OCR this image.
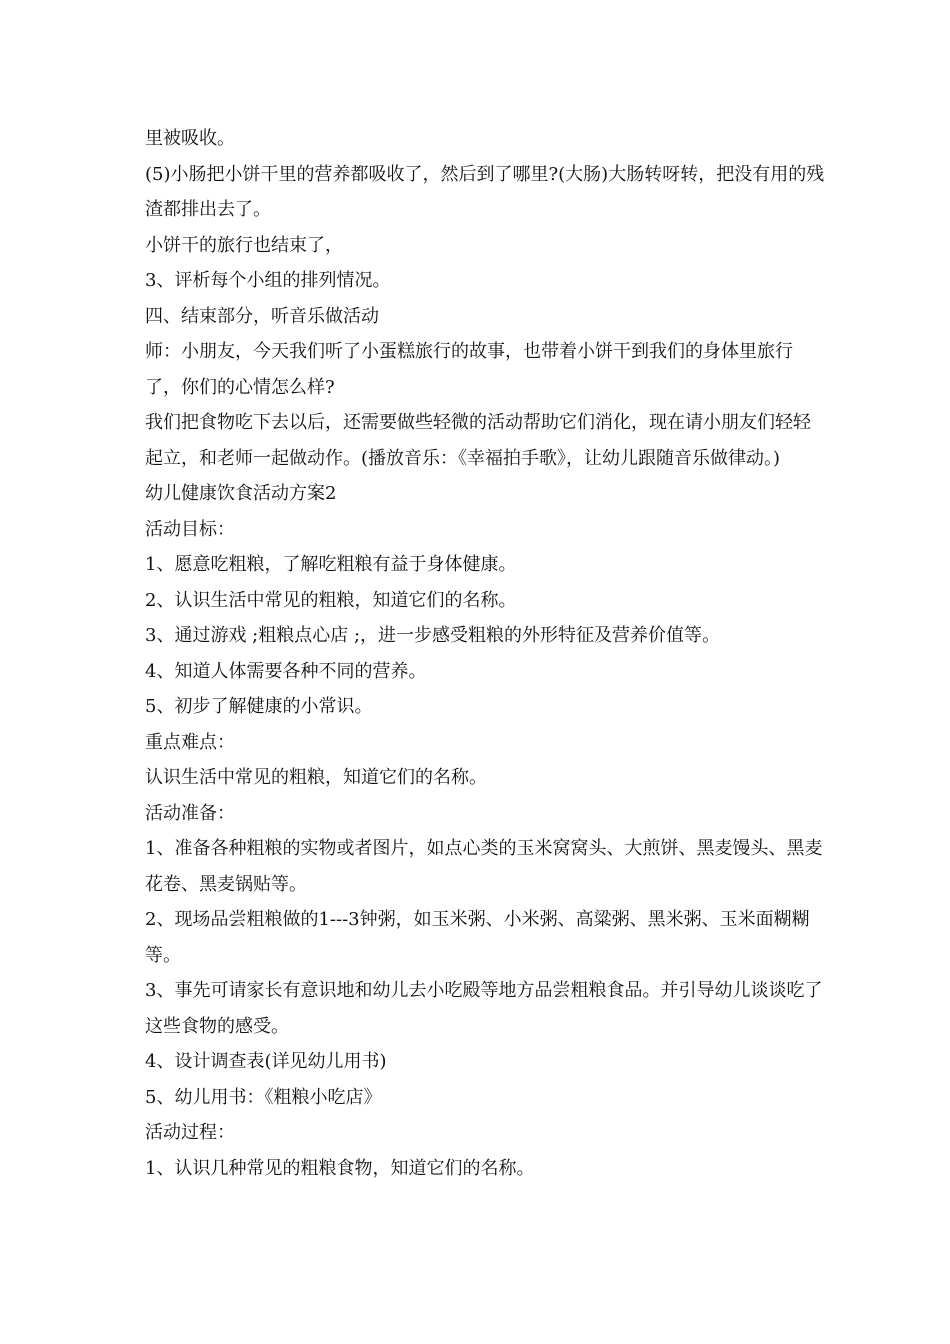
里被吸收。

(5)小肠把小饼干里的营养都吸收了，然后到了哪里?(大肠)大肠转呀转，把没有用的残渣都排出去了。

小饼干的旅行也结束了，

3、评析每个小组的排列情况。

四、结束部分，听音乐做活动

师：小朋友，今天我们听了小蛋糕旅行的故事，也带着小饼干到我们的身体里旅行了，你们的心情怎么样?

我们把食物吃下去以后，还需要做些轻微的活动帮助它们消化，现在请小朋友们轻轻起立，和老师一起做动作。(播放音乐：《幸福拍手歌》，让幼儿跟随音乐做律动。)

幼儿健康饮食活动方案2

活动目标：

1、愿意吃粗粮，了解吃粗粮有益于身体健康。

2、认识生活中常见的粗粮，知道它们的名称。

3、通过游戏 ;粗粮点心店 ;，进一步感受粗粮的外形特征及营养价值等。

4、知道人体需要各种不同的营养。

5、初步了解健康的小常识。

重点难点：

认识生活中常见的粗粮，知道它们的名称。

活动准备：

1、准备各种粗粮的实物或者图片，如点心类的玉米窝窝头、大煎饼、黑麦馒头、黑麦花卷、黑麦锅贴等。

2、现场品尝粗粮做的1---3钟粥，如玉米粥、小米粥、高粱粥、黑米粥、玉米面糊糊等。

3、事先可请家长有意识地和幼儿去小吃殿等地方品尝粗粮食品。并引导幼儿谈谈吃了这些食物的感受。

4、设计调查表(详见幼儿用书)

5、幼儿用书：《粗粮小吃店》

活动过程：

1、认识几种常见的粗粮食物，知道它们的名称。
